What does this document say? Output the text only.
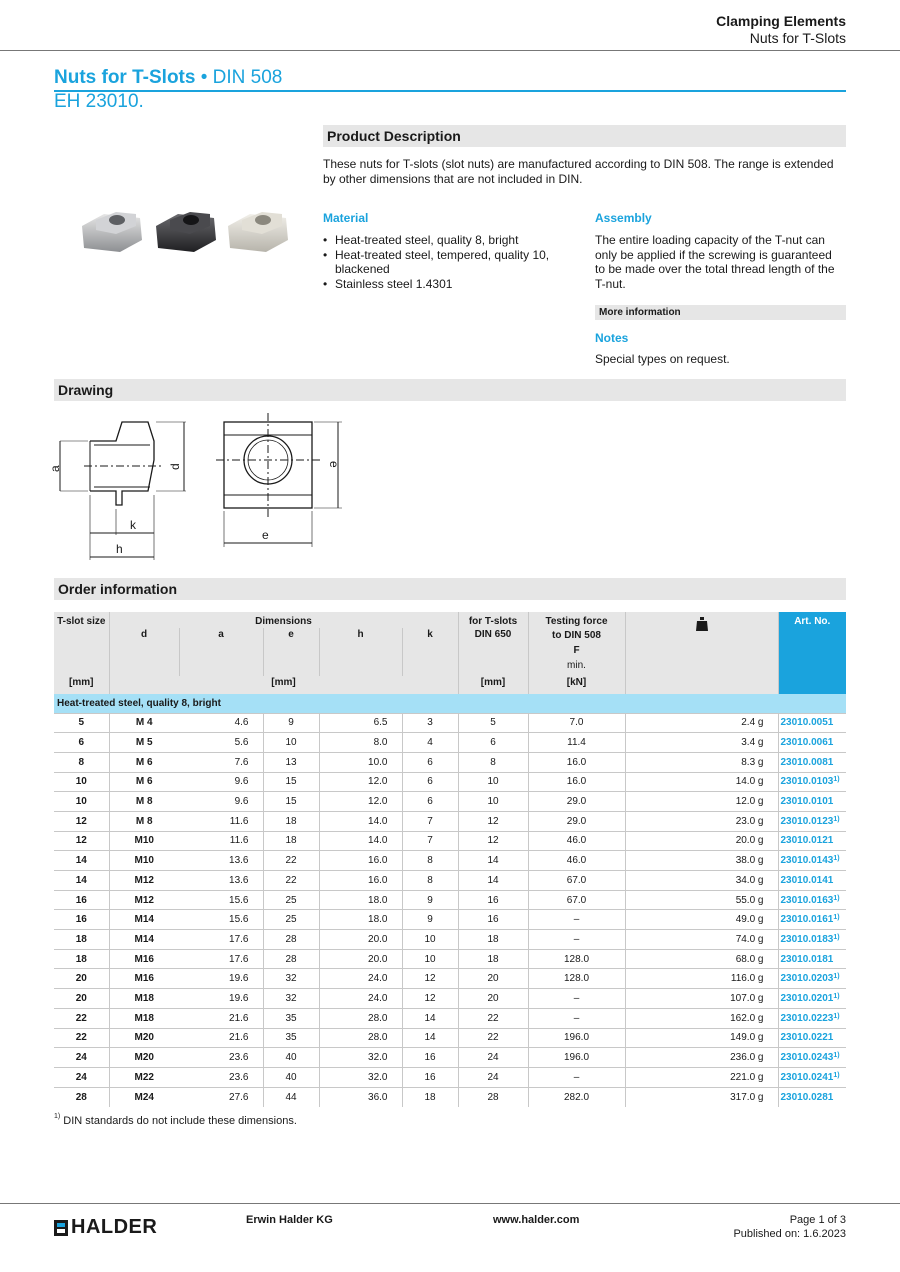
Clamping Elements
Nuts for T-Slots
Nuts for T-Slots • DIN 508
EH 23010.
Product Description
These nuts for T-slots (slot nuts) are manufactured according to DIN 508. The range is extended by other dimensions that are not included in DIN.
Material
• Heat-treated steel, quality 8, bright
• Heat-treated steel, tempered, quality 10, blackened
• Stainless steel 1.4301
Assembly
The entire loading capacity of the T-nut can only be applied if the screwing is guaranteed to be made over the total thread length of the T-nut.
More information
Notes
Special types on request.
Drawing
a	d
k
h
e
e
Order information
T-slot size	Dimensions					for T-slots	Testing force		Art. No.
	d	a	e	h	k	DIN 650	to DIN 508
F
min.		

[mm]	[mm]					[mm]	[kN]		
Heat-treated steel, quality 8, bright									
5	M 4	4.6	9	6.5	3	5	7.0	2.4 g	23010.0051
6	M 5	5.6	10	8.0	4	6	11.4	3.4 g	23010.0061
8	M 6	7.6	13	10.0	6	8	16.0	8.3 g	23010.0081
10	M 6	9.6	15	12.0	6	10	16.0	14.0 g	23010.0103$^{1)}$
10	M 8	9.6	15	12.0	6	10	29.0	12.0 g	23010.0101
12	M 8	11.6	18	14.0	7	12	29.0	23.0 g	23010.0123$^{1)}$
12	M10	11.6	18	14.0	7	12	46.0	20.0 g	23010.0121
14	M10	13.6	22	16.0	8	14	46.0	38.0 g	23010.0143$^{1)}$
14	M12	13.6	22	16.0	8	14	67.0	34.0 g	23010.0141
16	M12	15.6	25	18.0	9	16	67.0	55.0 g	23010.0163$^{1)}$
16	M14	15.6	25	18.0	9	16	–	49.0 g	23010.0161$^{1)}$
18	M14	17.6	28	20.0	10	18	–	74.0 g	23010.0183$^{1)}$
18	M16	17.6	28	20.0	10	18	128.0	68.0 g	23010.0181
20	M16	19.6	32	24.0	12	20	128.0	116.0 g	23010.0203$^{1)}$
20	M18	19.6	32	24.0	12	20	–	107.0 g	23010.0201$^{1)}$
22	M18	21.6	35	28.0	14	22	–	162.0 g	23010.0223$^{1)}$
22	M20	21.6	35	28.0	14	22	196.0	149.0 g	23010.0221
24	M20	23.6	40	32.0	16	24	196.0	236.0 g	23010.0243$^{1)}$
24	M22	23.6	40	32.0	16	24	–	221.0 g	23010.0241$^{1)}$
28	M24	27.6	44	36.0	18	28	282.0	317.0 g	23010.0281
$^{1)}$ DIN standards do not include these dimensions.
HALDER	Erwin Halder KG	www.halder.com	Page 1 of 3
Published on: 1.6.2023
